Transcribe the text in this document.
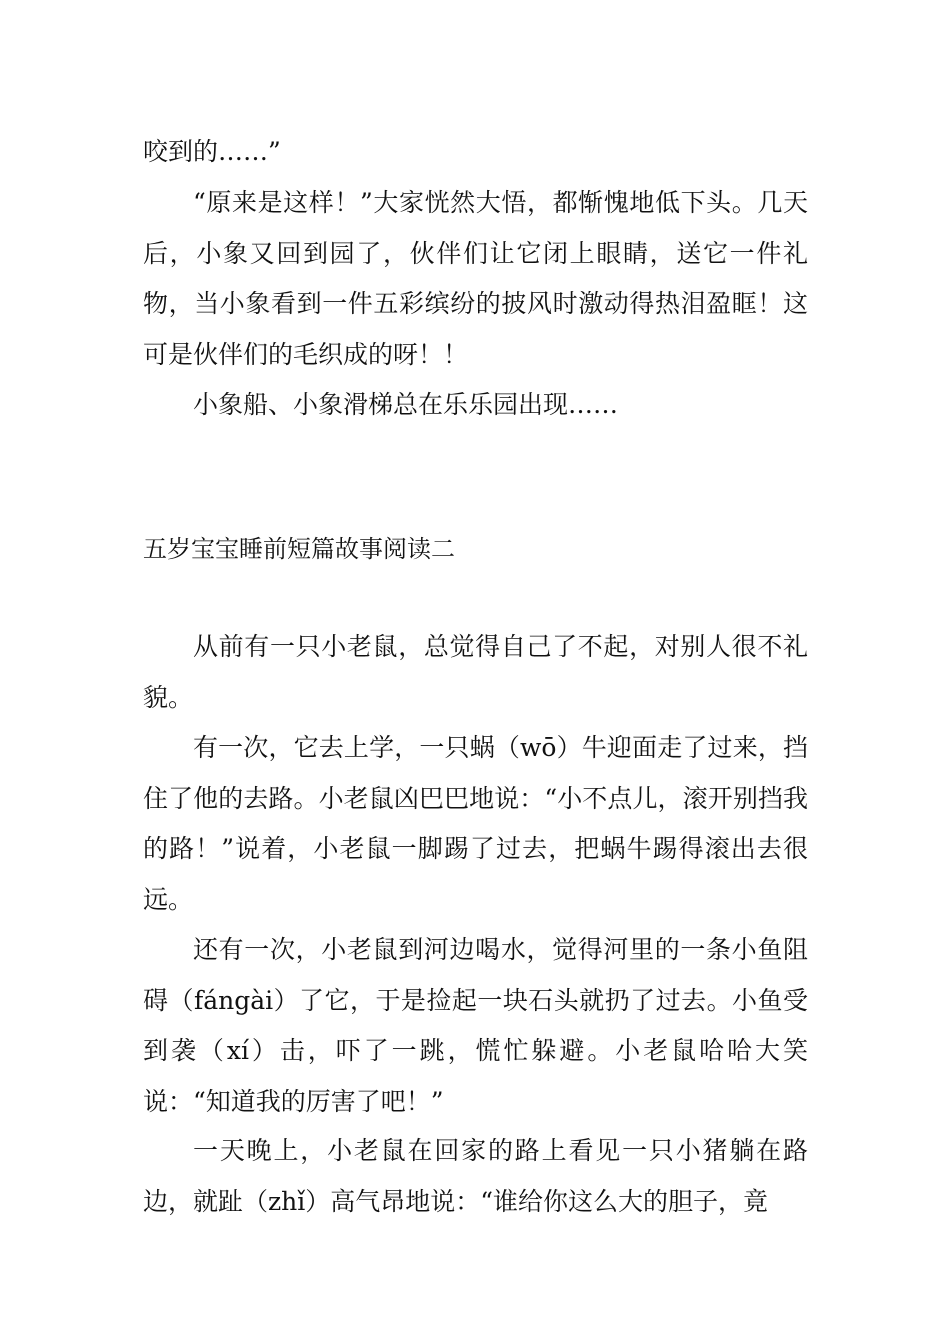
咬到的……”

“原来是这样！”大家恍然大悟，都惭愧地低下头。几天后，小象又回到园了，伙伴们让它闭上眼睛，送它一件礼物，当小象看到一件五彩缤纷的披风时激动得热泪盈眶！这可是伙伴们的毛织成的呀！！

小象船、小象滑梯总在乐乐园出现……

五岁宝宝睡前短篇故事阅读二

从前有一只小老鼠，总觉得自己了不起，对别人很不礼貌。

有一次，它去上学，一只蜗（wō）牛迎面走了过来，挡住了他的去路。小老鼠凶巴巴地说：“小不点儿，滚开别挡我的路！”说着，小老鼠一脚踢了过去，把蜗牛踢得滚出去很远。

还有一次，小老鼠到河边喝水，觉得河里的一条小鱼阻碍（fángài）了它，于是捡起一块石头就扔了过去。小鱼受到袭（xí）击，吓了一跳，慌忙躲避。小老鼠哈哈大笑说：“知道我的厉害了吧！”

一天晚上，小老鼠在回家的路上看见一只小猪躺在路边，就趾（zhǐ）高气昂地说：“谁给你这么大的胆子，竟
